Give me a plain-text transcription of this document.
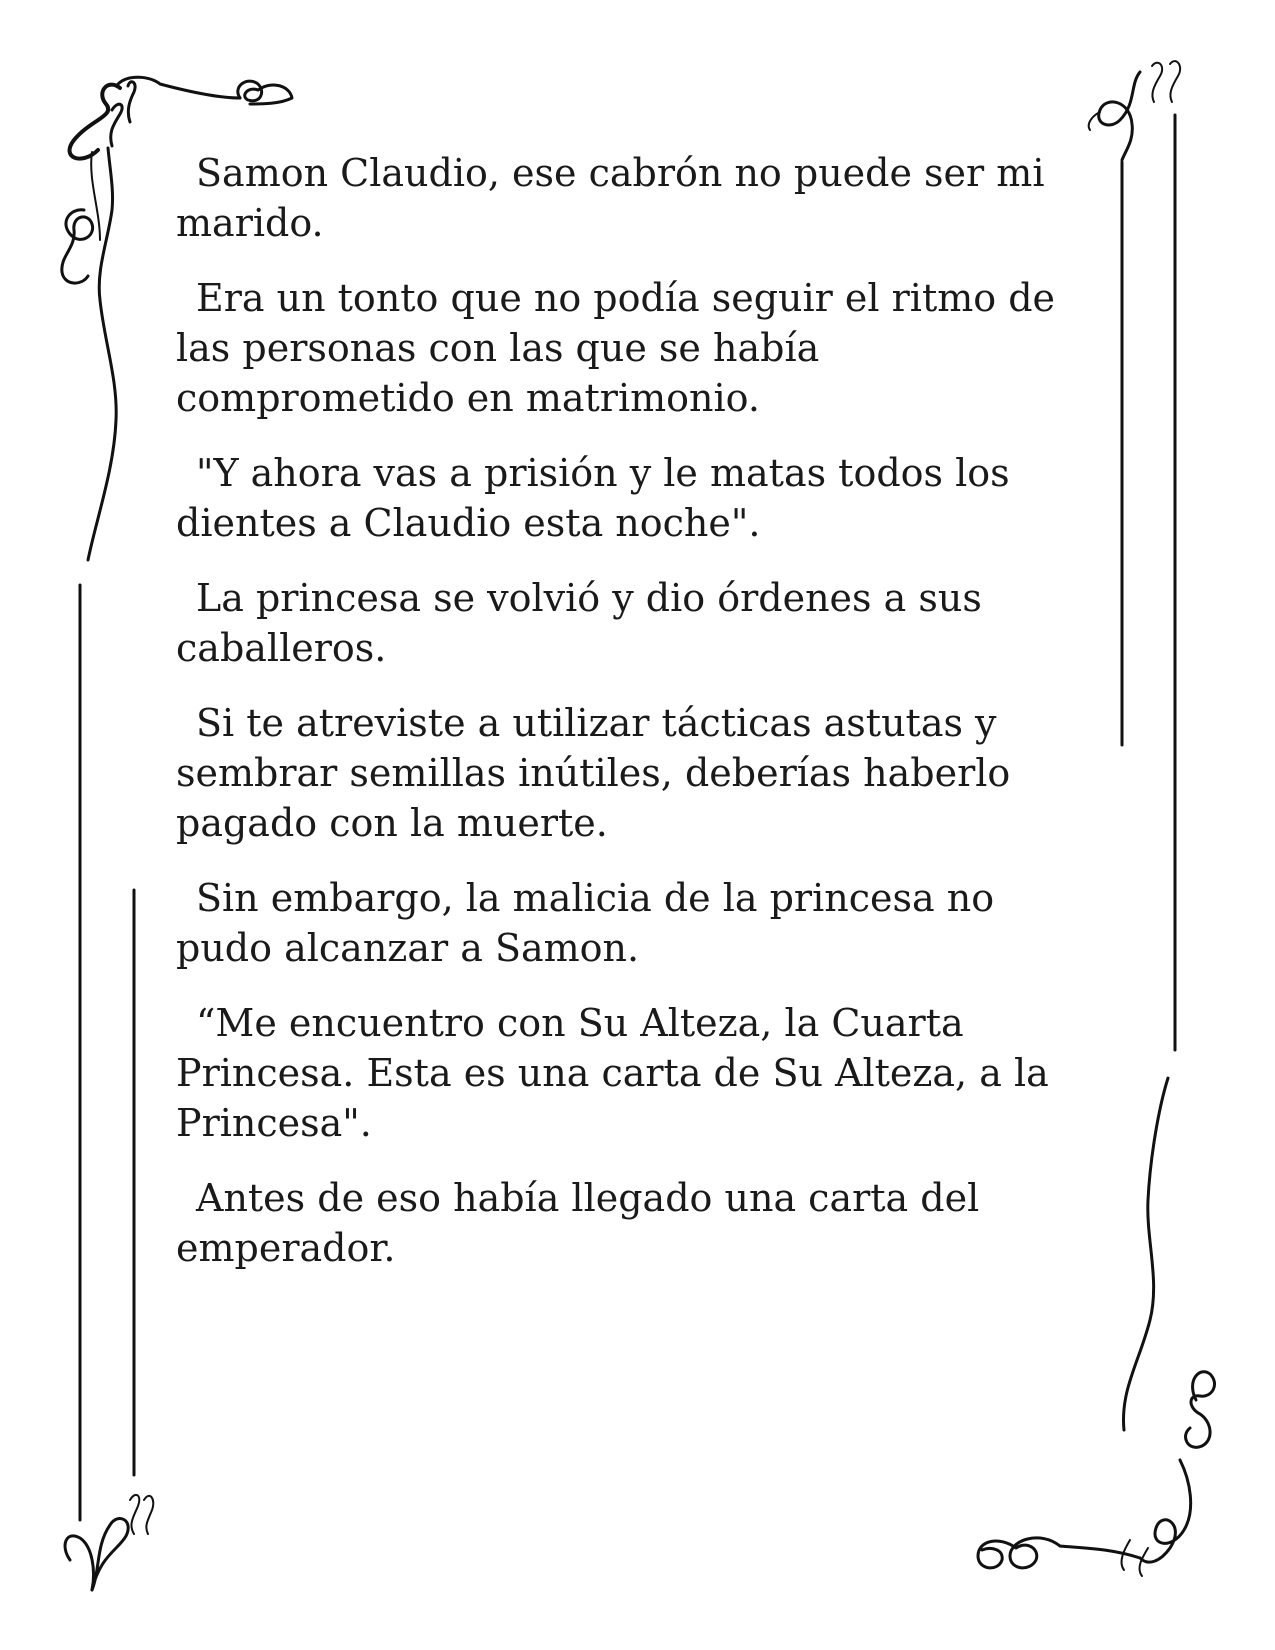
Samon Claudio, ese cabrón no puede ser mi marido.

Era un tonto que no podía seguir el ritmo de las personas con las que se había comprometido en matrimonio.

"Y ahora vas a prisión y le matas todos los dientes a Claudio esta noche".

La princesa se volvió y dio órdenes a sus caballeros.

Si te atreviste a utilizar tácticas astutas y sembrar semillas inútiles, deberías haberlo pagado con la muerte.

Sin embargo, la malicia de la princesa no pudo alcanzar a Samon.

“Me encuentro con Su Alteza, la Cuarta Princesa. Esta es una carta de Su Alteza, a la Princesa".

Antes de eso había llegado una carta del emperador.
